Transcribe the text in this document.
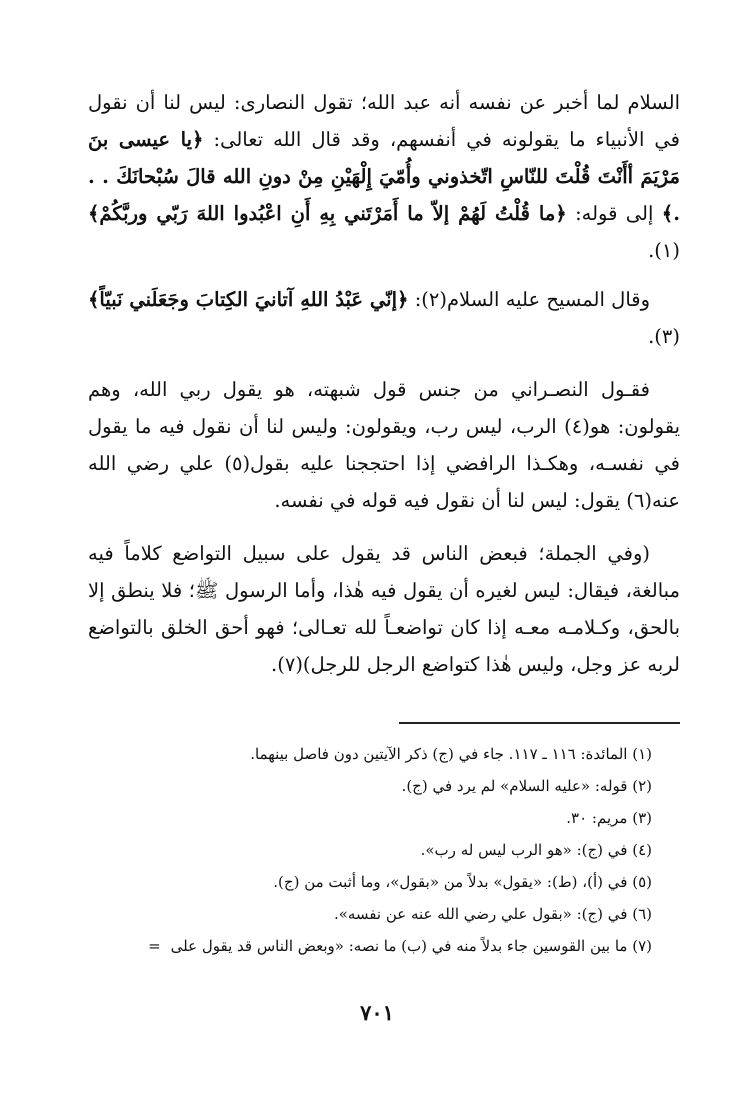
السلام لما أخبر عن نفسه أنه عبد الله؛ تقول النصارى: ليس لنا أن نقول في الأنبياء ما يقولونه في أنفسهم، وقد قال الله تعالى: ﴿يا عيسى بنَ مَرْيَمَ أأَنْتَ قُلْتَ للنّاسِ اتّخذوني وأُمّيَ إِلْهَيْنِ مِنْ دونِ الله قالَ سُبْحانَكَ . . .﴾ إلى قوله: ﴿ما قُلْتُ لَهُمْ إلاّ ما أَمَرْتَني بِهِ أَنِ اعْبُدوا اللهَ رَبّي وربَّكُمْ﴾(١).

وقال المسيح عليه السلام(٢): ﴿إنّي عَبْدُ اللهِ آتانيَ الكِتابَ وجَعَلَني نَبيّاً﴾(٣).

فقـول النصـراني من جنس قول شبهته، هو يقول ربي الله، وهم يقولون: هو(٤) الرب، ليس رب، ويقولون: وليس لنا أن نقول فيه ما يقول في نفسـه، وهكـذا الرافضي إذا احتججنا عليه بقول(٥) علي رضي الله عنه(٦) يقول: ليس لنا أن نقول فيه قوله في نفسه.

(وفي الجملة؛ فبعض الناس قد يقول على سبيل التواضع كلاماً فيه مبالغة، فيقال: ليس لغيره أن يقول فيه هٰذا، وأما الرسول ﷺ؛ فلا ينطق إلا بالحق، وكـلامـه معـه إذا كان تواضعـاً لله تعـالى؛ فهو أحق الخلق بالتواضع لربه عز وجل، وليس هٰذا كتواضع الرجل للرجل)(٧).

(١) المائدة: ١١٦ ـ ١١٧. جاء في (ج) ذكر الآيتين دون فاصل بينهما.
(٢) قوله: «عليه السلام» لم يرد في (ج).
(٣) مريم: ٣٠.
(٤) في (ج): «هو الرب ليس له رب».
(٥) في (أ)، (ط): «يقول» بدلاً من «بقول»، وما أثبت من (ج).
(٦) في (ج): «بقول علي رضي الله عنه عن نفسه».
(٧) ما بين القوسين جاء بدلاً منه في (ب) ما نصه: «وبعض الناس قد يقول على=
٧٠١
